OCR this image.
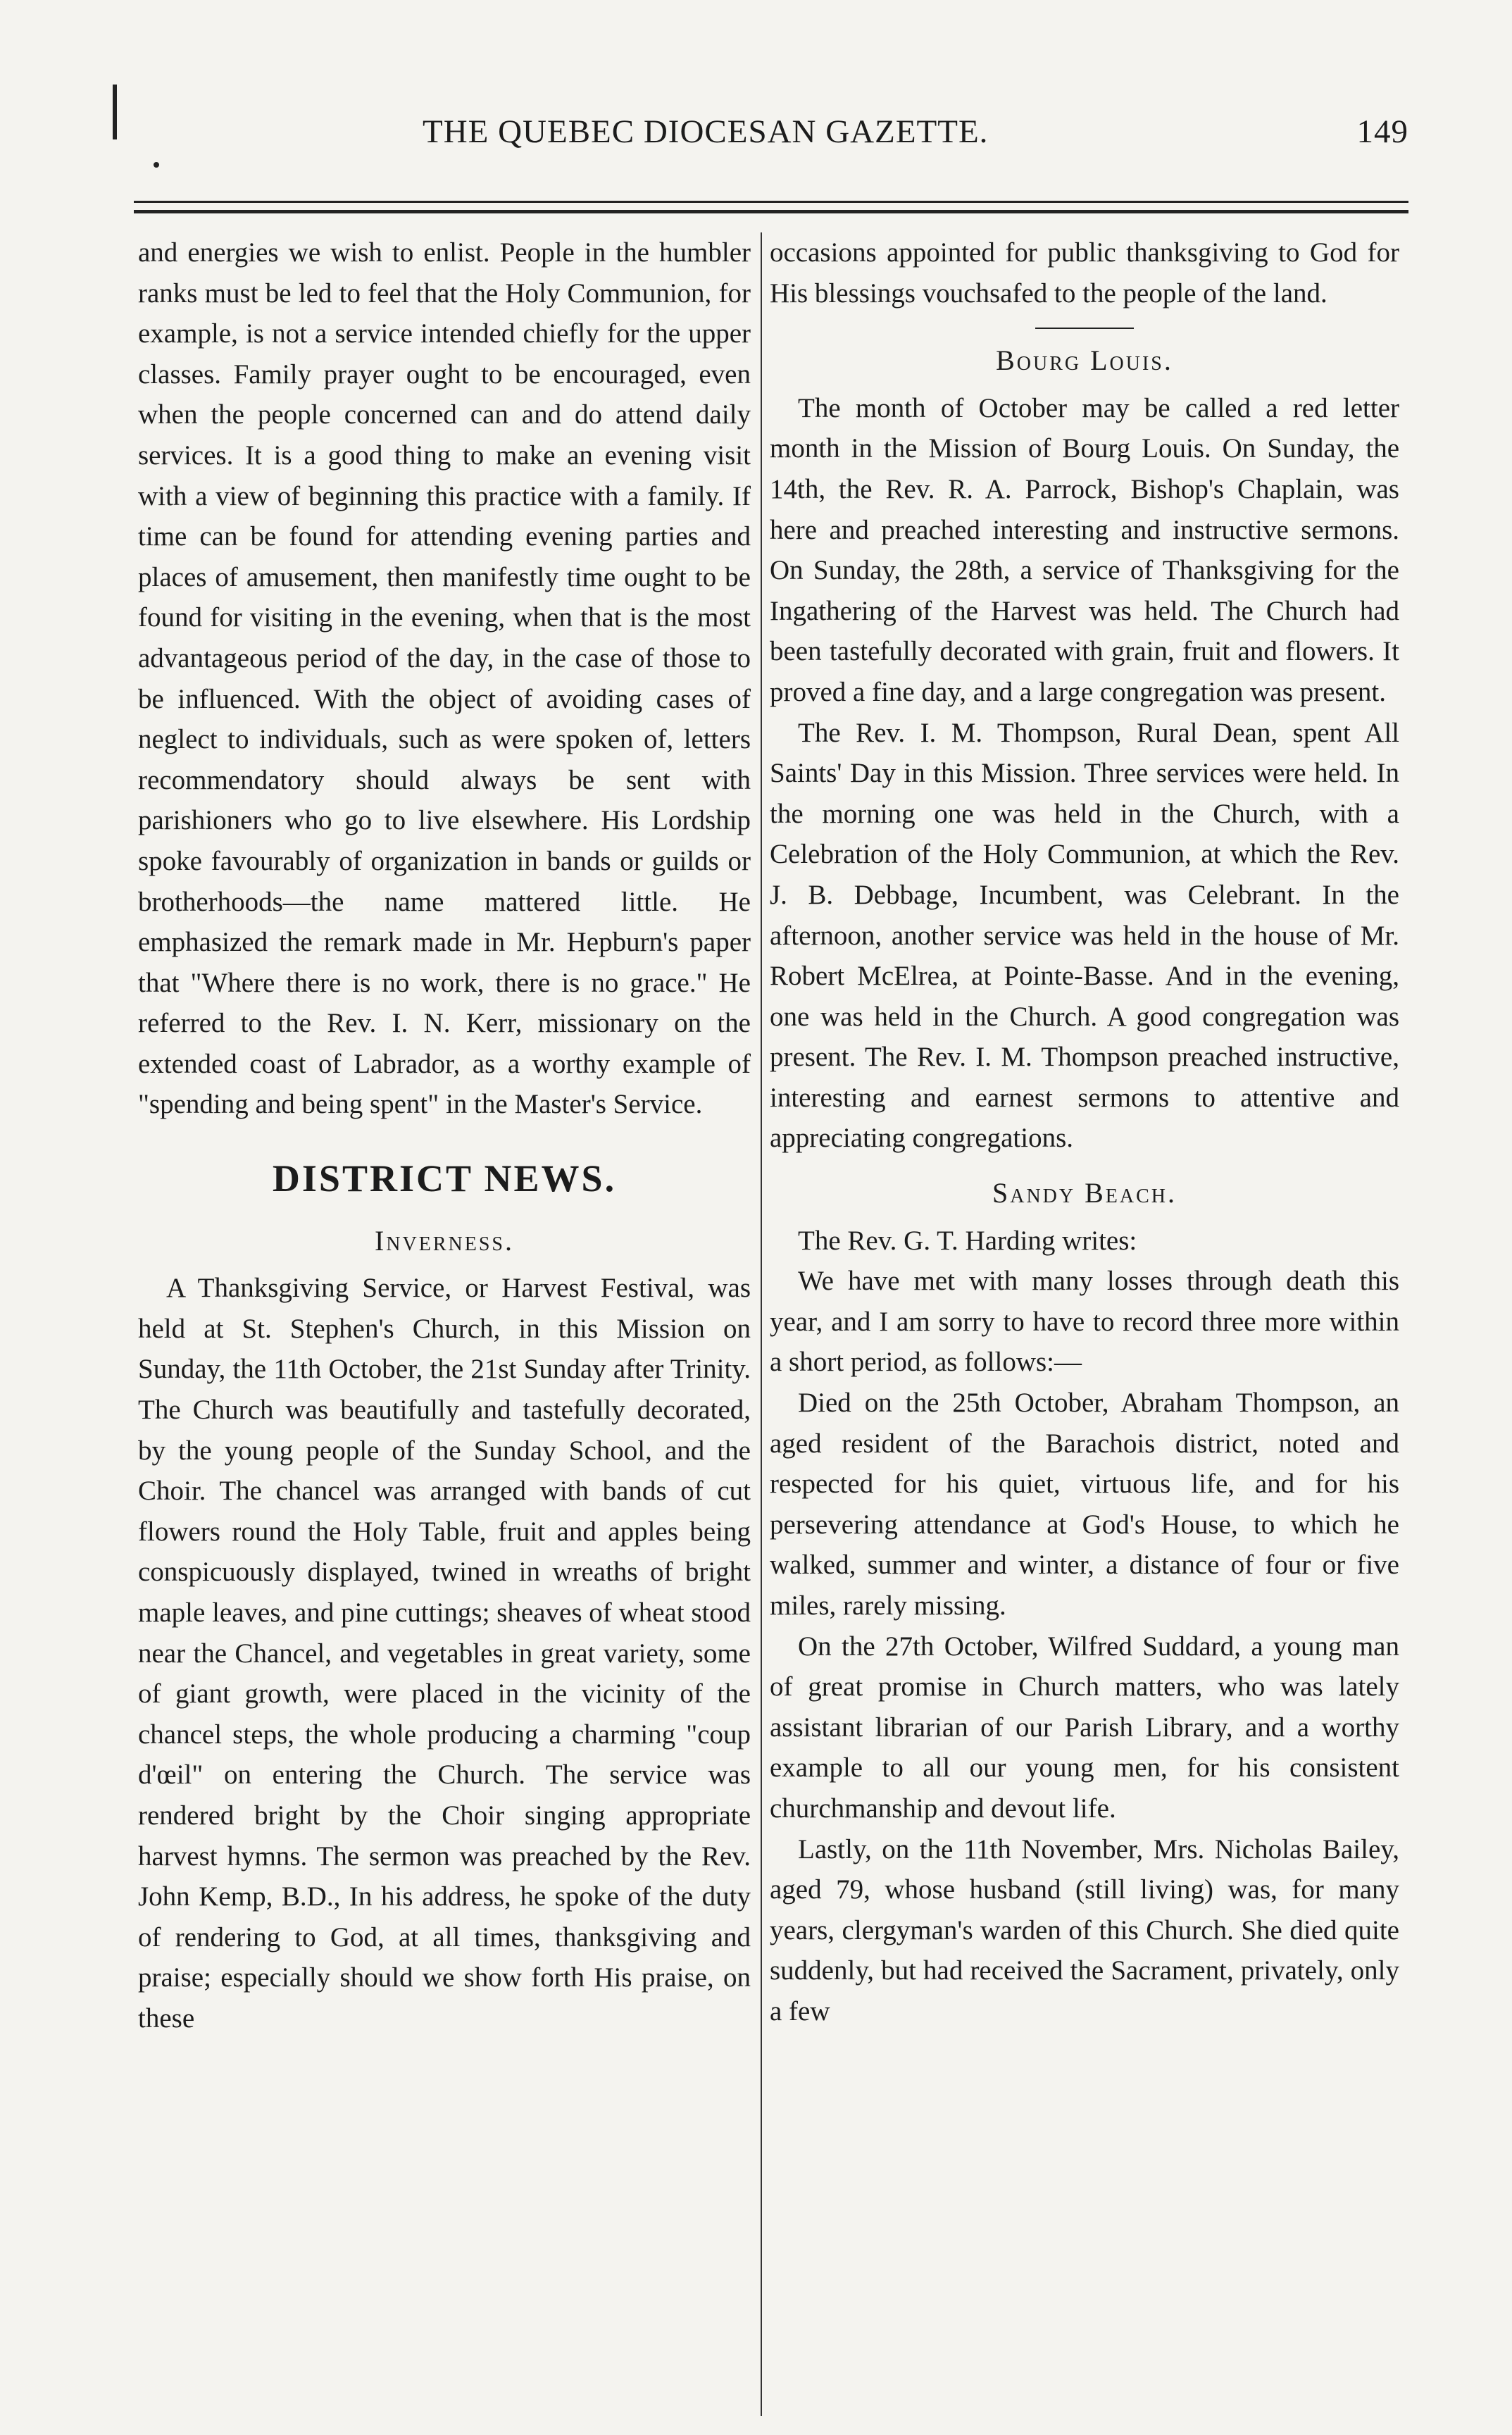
THE QUEBEC DIOCESAN GAZETTE.	149

and energies we wish to enlist. People in the humbler ranks must be led to feel that the Holy Communion, for example, is not a service intended chiefly for the upper classes. Family prayer ought to be encouraged, even when the people concerned can and do attend daily services. It is a good thing to make an evening visit with a view of beginning this practice with a family. If time can be found for attending evening parties and places of amusement, then manifestly time ought to be found for visiting in the evening, when that is the most advantageous period of the day, in the case of those to be influenced. With the object of avoiding cases of neglect to individuals, such as were spoken of, letters recommendatory should always be sent with parishioners who go to live elsewhere. His Lordship spoke favourably of organization in bands or guilds or brotherhoods—the name mattered little. He emphasized the remark made in Mr. Hepburn's paper that "Where there is no work, there is no grace." He referred to the Rev. I. N. Kerr, missionary on the extended coast of Labrador, as a worthy example of "spending and being spent" in the Master's Service.

DISTRICT NEWS.
Inverness.

A Thanksgiving Service, or Harvest Festival, was held at St. Stephen's Church, in this Mission on Sunday, the 11th October, the 21st Sunday after Trinity. The Church was beautifully and tastefully decorated, by the young people of the Sunday School, and the Choir. The chancel was arranged with bands of cut flowers round the Holy Table, fruit and apples being conspicuously displayed, twined in wreaths of bright maple leaves, and pine cuttings; sheaves of wheat stood near the Chancel, and vegetables in great variety, some of giant growth, were placed in the vicinity of the chancel steps, the whole producing a charming "coup d'œil" on entering the Church. The service was rendered bright by the Choir singing appropriate harvest hymns. The sermon was preached by the Rev. John Kemp, B.D., In his address, he spoke of the duty of rendering to God, at all times, thanksgiving and praise; especially should we show forth His praise, on these

occasions appointed for public thanksgiving to God for His blessings vouchsafed to the people of the land.

Bourg Louis.

The month of October may be called a red letter month in the Mission of Bourg Louis. On Sunday, the 14th, the Rev. R. A. Parrock, Bishop's Chaplain, was here and preached interesting and instructive sermons. On Sunday, the 28th, a service of Thanksgiving for the Ingathering of the Harvest was held. The Church had been tastefully decorated with grain, fruit and flowers. It proved a fine day, and a large congregation was present.

The Rev. I. M. Thompson, Rural Dean, spent All Saints' Day in this Mission. Three services were held. In the morning one was held in the Church, with a Celebration of the Holy Communion, at which the Rev. J. B. Debbage, Incumbent, was Celebrant. In the afternoon, another service was held in the house of Mr. Robert McElrea, at Pointe-Basse. And in the evening, one was held in the Church. A good congregation was present. The Rev. I. M. Thompson preached instructive, interesting and earnest sermons to attentive and appreciating congregations.

Sandy Beach.

The Rev. G. T. Harding writes:

We have met with many losses through death this year, and I am sorry to have to record three more within a short period, as follows:—

Died on the 25th October, Abraham Thompson, an aged resident of the Barachois district, noted and respected for his quiet, virtuous life, and for his persevering attendance at God's House, to which he walked, summer and winter, a distance of four or five miles, rarely missing.

On the 27th October, Wilfred Suddard, a young man of great promise in Church matters, who was lately assistant librarian of our Parish Library, and a worthy example to all our young men, for his consistent churchmanship and devout life.

Lastly, on the 11th November, Mrs. Nicholas Bailey, aged 79, whose husband (still living) was, for many years, clergyman's warden of this Church. She died quite suddenly, but had received the Sacrament, privately, only a few
